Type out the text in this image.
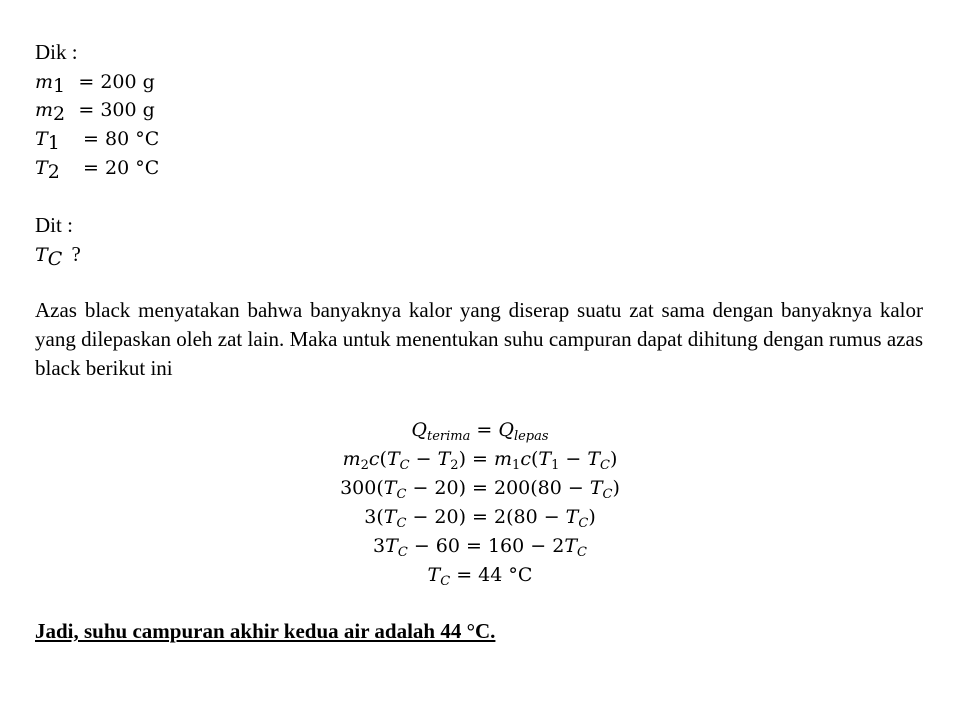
Dik :
$m_1 = 200$ g
$m_2 = 300$ g
$T_1 = 80$ °C
$T_2 = 20$ °C
Dit :
$T_C$ ?
Azas black menyatakan bahwa banyaknya kalor yang diserap suatu zat sama dengan banyaknya kalor yang dilepaskan oleh zat lain. Maka untuk menentukan suhu campuran dapat dihitung dengan rumus azas black berikut ini
$Q_{terima} = Q_{lepas}$
$m_2c(T_C - T_2) = m_1c(T_1 - T_C)$
$300(T_C - 20) = 200(80 - T_C)$
$3(T_C - 20) = 2(80 - T_C)$
$3T_C - 60 = 160 - 2T_C$
$T_C = 44$ °C
Jadi, suhu campuran akhir kedua air adalah 44 °C.
